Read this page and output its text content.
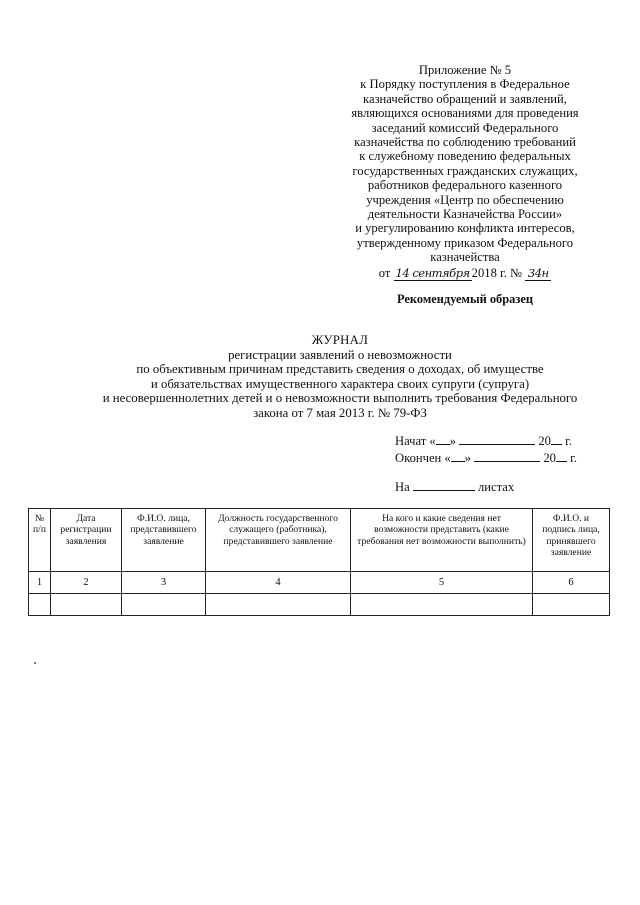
Приложение № 5
к Порядку поступления в Федеральное
казначейство обращений и заявлений,
являющихся основаниями для проведения
заседаний комиссий Федерального
казначейства по соблюдению требований
к служебному поведению федеральных
государственных гражданских служащих,
работников федерального казенного
учреждения «Центр по обеспечению
деятельности Казначейства России»
и урегулированию конфликта интересов,
утвержденному приказом Федерального
казначейства
от 14 сентября 2018 г. № 34н
Рекомендуемый образец
ЖУРНАЛ
регистрации заявлений о невозможности
по объективным причинам представить сведения о доходах, об имуществе
и обязательствах имущественного характера своих супруги (супруга)
и несовершеннолетних детей и о невозможности выполнить требования Федерального
закона от 7 мая 2013 г. № 79-ФЗ
Начат « »	20 г.
Окончен « »	20 г.
На	листах
№ п/п	Дата регистрации заявления	Ф.И.О. лица, представившего заявление	Должность государственного служащего (работника), представившего заявление	На кого и какие сведения нет возможности представить (какие требования нет возможности выполнить)	Ф.И.О. и подпись лица, принявшего заявление
1	2	3	4	5	6
